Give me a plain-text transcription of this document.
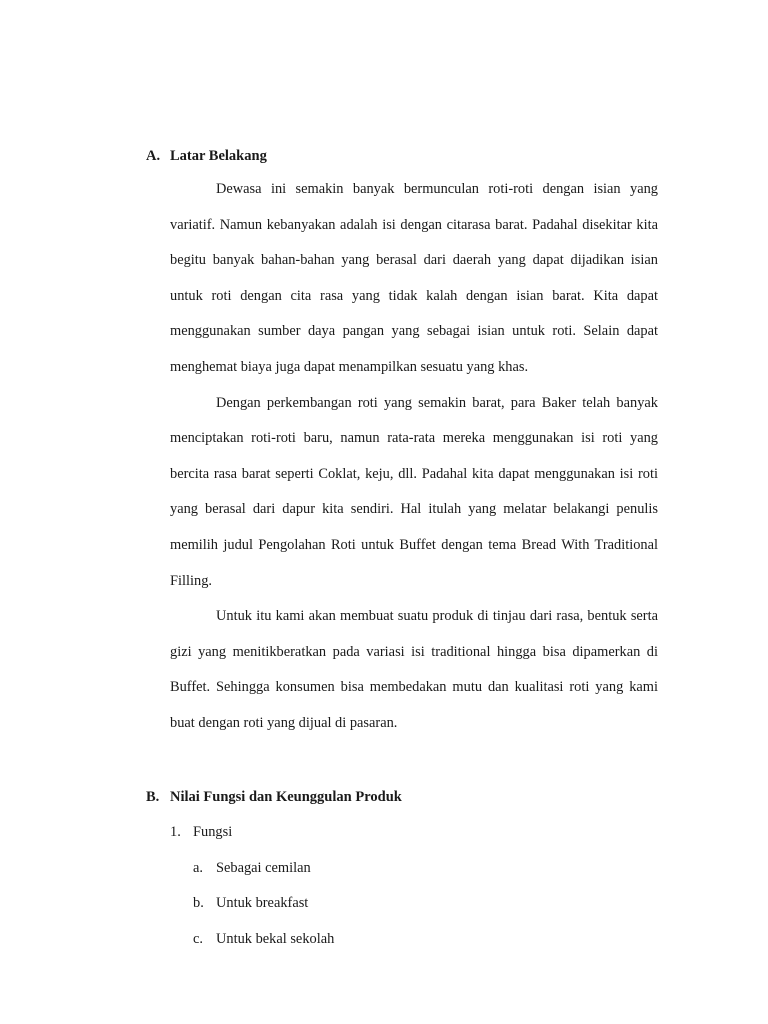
A. Latar Belakang

Dewasa ini semakin banyak bermunculan roti-roti dengan isian yang variatif. Namun kebanyakan adalah isi dengan citarasa barat. Padahal disekitar kita begitu banyak bahan-bahan yang berasal dari daerah yang dapat dijadikan isian untuk roti dengan cita rasa yang tidak kalah dengan isian barat. Kita dapat menggunakan sumber daya pangan yang sebagai isian untuk roti. Selain dapat menghemat biaya juga dapat menampilkan sesuatu yang khas.

Dengan perkembangan roti yang semakin barat, para Baker telah banyak menciptakan roti-roti baru, namun rata-rata mereka menggunakan isi roti yang bercita rasa barat seperti Coklat, keju, dll. Padahal kita dapat menggunakan isi roti yang berasal dari dapur kita sendiri. Hal itulah yang melatar belakangi penulis memilih judul Pengolahan Roti untuk Buffet dengan tema Bread With Traditional Filling.

Untuk itu kami akan membuat suatu produk di tinjau dari rasa, bentuk serta gizi yang menitikberatkan pada variasi isi traditional hingga bisa dipamerkan di Buffet. Sehingga konsumen bisa membedakan mutu dan kualitasi roti yang kami buat dengan roti yang dijual di pasaran.

B. Nilai Fungsi dan Keunggulan Produk
1. Fungsi
a. Sebagai cemilan
b. Untuk breakfast
c. Untuk bekal sekolah
